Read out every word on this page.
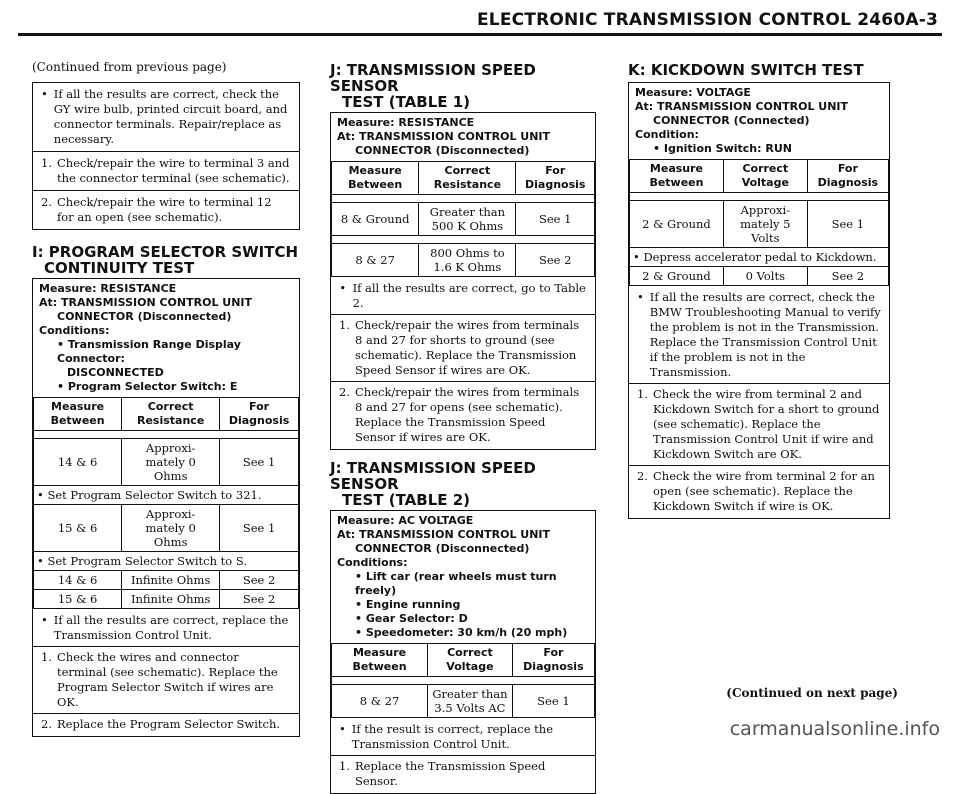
ELECTRONIC TRANSMISSION CONTROL 2460A-3
(Continued from previous page)
• If all the results are correct, check the GY wire bulb, printed circuit board, and connector terminals. Repair/replace as necessary.
1. Check/repair the wire to terminal 3 and the connector terminal (see schematic).
2. Check/repair the wire to terminal 12 for an open (see schematic).
I: PROGRAM SELECTOR SWITCH
CONTINUITY TEST
Measure: RESISTANCE
At: TRANSMISSION CONTROL UNIT
CONNECTOR (Disconnected)
Conditions:
• Transmission Range Display Connector:
DISCONNECTED
• Program Selector Switch: E
Measure Between	Correct Resistance	For Diagnosis

14 & 6	Approxi-
mately 0
Ohms	See 1
• Set Program Selector Switch to 321.		
15 & 6	Approxi-
mately 0
Ohms	See 1
• Set Program Selector Switch to S.		
14 & 6	Infinite Ohms	See 2
15 & 6	Infinite Ohms	See 2
• If all the results are correct, replace the Transmission Control Unit.
1. Check the wires and connector terminal (see schematic). Replace the Program Selector Switch if wires are OK.
2. Replace the Program Selector Switch.
J: TRANSMISSION SPEED SENSOR
TEST (TABLE 1)
Measure: RESISTANCE
At: TRANSMISSION CONTROL UNIT
CONNECTOR (Disconnected)
Measure Between	Correct Resistance	For Diagnosis

8 & Ground	Greater than
500 K Ohms	See 1

8 & 27	800 Ohms to
1.6 K Ohms	See 2
• If all the results are correct, go to Table 2.
1. Check/repair the wires from terminals 8 and 27 for shorts to ground (see schematic). Replace the Transmission Speed Sensor if wires are OK.
2. Check/repair the wires from terminals 8 and 27 for opens (see schematic). Replace the Transmission Speed Sensor if wires are OK.
J: TRANSMISSION SPEED SENSOR
TEST (TABLE 2)
Measure: AC VOLTAGE
At: TRANSMISSION CONTROL UNIT
CONNECTOR (Disconnected)
Conditions:
• Lift car (rear wheels must turn freely)
• Engine running
• Gear Selector: D
• Speedometer: 30 km/h (20 mph)
Measure Between	Correct Voltage	For Diagnosis

8 & 27	Greater than
3.5 Volts AC	See 1
• If the result is correct, replace the Transmission Control Unit.
1. Replace the Transmission Speed Sensor.
K: KICKDOWN SWITCH TEST
Measure: VOLTAGE
At: TRANSMISSION CONTROL UNIT
CONNECTOR (Connected)
Condition:
• Ignition Switch: RUN
Measure Between	Correct Voltage	For Diagnosis

2 & Ground	Approxi-
mately 5 Volts	See 1
• Depress accelerator pedal to Kickdown.		
2 & Ground	0 Volts	See 2
• If all the results are correct, check the BMW Troubleshooting Manual to verify the problem is not in the Transmission. Replace the Transmission Control Unit if the problem is not in the Transmission.
1. Check the wire from terminal 2 and Kickdown Switch for a short to ground (see schematic). Replace the Transmission Control Unit if wire and Kickdown Switch are OK.
2. Check the wire from terminal 2 for an open (see schematic). Replace the Kickdown Switch if wire is OK.
(Continued on next page)
carmanualsonline.info
